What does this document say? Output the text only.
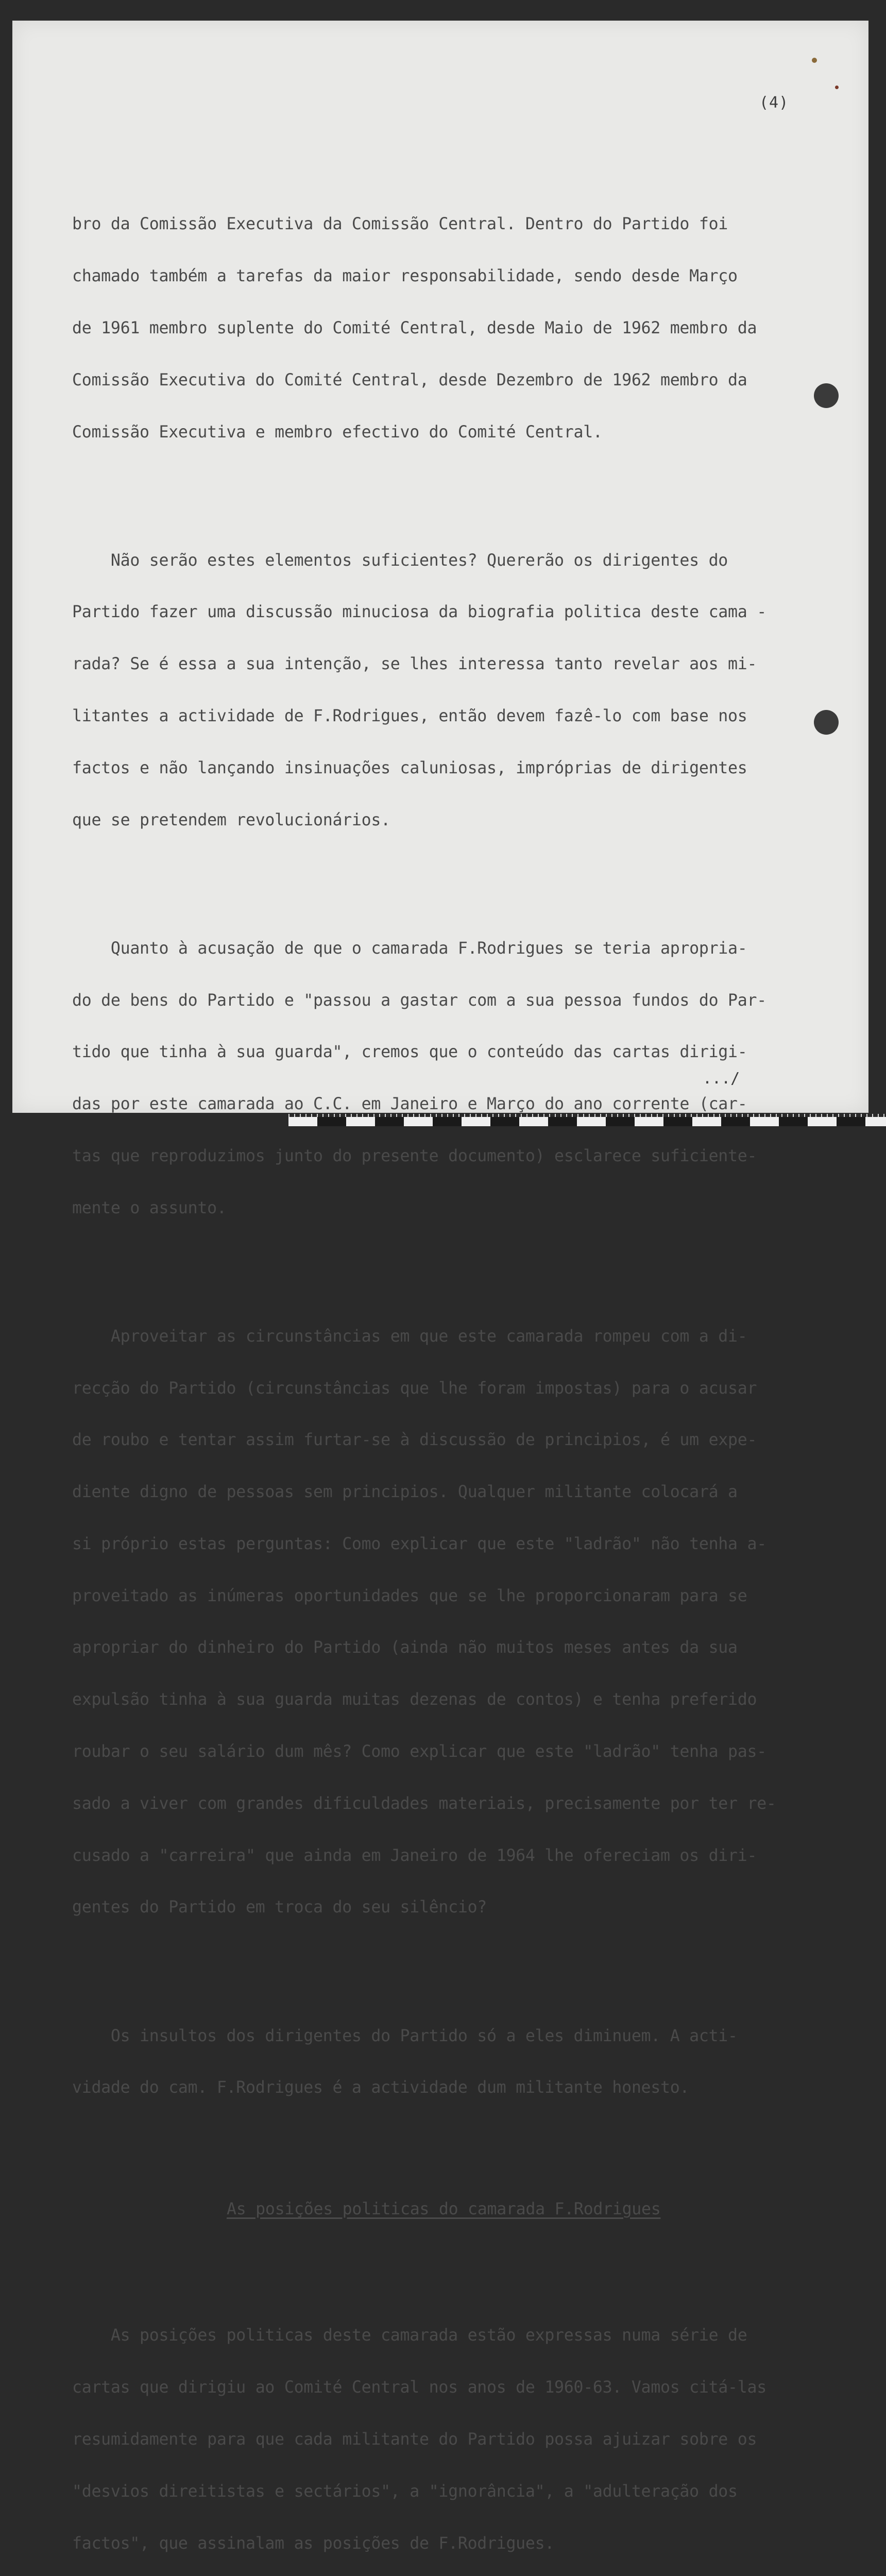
(4)

bro da Comissão Executiva da Comissão Central. Dentro do Partido foi

chamado também a tarefas da maior responsabilidade, sendo desde Março

de 1961 membro suplente do Comité Central, desde Maio de 1962 membro da

Comissão Executiva do Comité Central, desde Dezembro de 1962 membro da

Comissão Executiva e membro efectivo do Comité Central.

Não serão estes elementos suficientes? Quererão os dirigentes do

Partido fazer uma discussão minuciosa da biografia politica deste cama -

rada? Se é essa a sua intenção, se lhes interessa tanto revelar aos mi-

litantes a actividade de F.Rodrigues, então devem fazê-lo com base nos

factos e não lançando insinuações caluniosas, impróprias de dirigentes

que se pretendem revolucionários.

Quanto à acusação de que o camarada F.Rodrigues se teria apropria-

do de bens do Partido e "passou a gastar com a sua pessoa fundos do Par-

tido que tinha à sua guarda", cremos que o conteúdo das cartas dirigi-

das por este camarada ao C.C. em Janeiro e Março do ano corrente (car-

tas que reproduzimos junto do presente documento) esclarece suficiente-

mente o assunto.

Aproveitar as circunstâncias em que este camarada rompeu com a di-

recção do Partido (circunstâncias que lhe foram impostas) para o acusar

de roubo e tentar assim furtar-se à discussão de principios, é um expe-

diente digno de pessoas sem principios. Qualquer militante colocará a

si próprio estas perguntas: Como explicar que este "ladrão" não tenha a-

proveitado as inúmeras oportunidades que se lhe proporcionaram para se

apropriar do dinheiro do Partido (ainda não muitos meses antes da sua

expulsão tinha à sua guarda muitas dezenas de contos) e tenha preferido

roubar o seu salário dum mês? Como explicar que este "ladrão" tenha pas-

sado a viver com grandes dificuldades materiais, precisamente por ter re-

cusado a "carreira" que ainda em Janeiro de 1964 lhe ofereciam os diri-

gentes do Partido em troca do seu silêncio?

Os insultos dos dirigentes do Partido só a eles diminuem. A acti-

vidade do cam. F.Rodrigues é a actividade dum militante honesto.

As posições politicas do camarada F.Rodrigues

As posições politicas deste camarada estão expressas numa série de

cartas que dirigiu ao Comité Central nos anos de 1960-63. Vamos citá-las

resumidamente para que cada militante do Partido possa ajuizar sobre os

"desvios direitistas e sectários", a "ignorância", a "adulteração dos

factos", que assinalam as posições de F.Rodrigues.

.../
